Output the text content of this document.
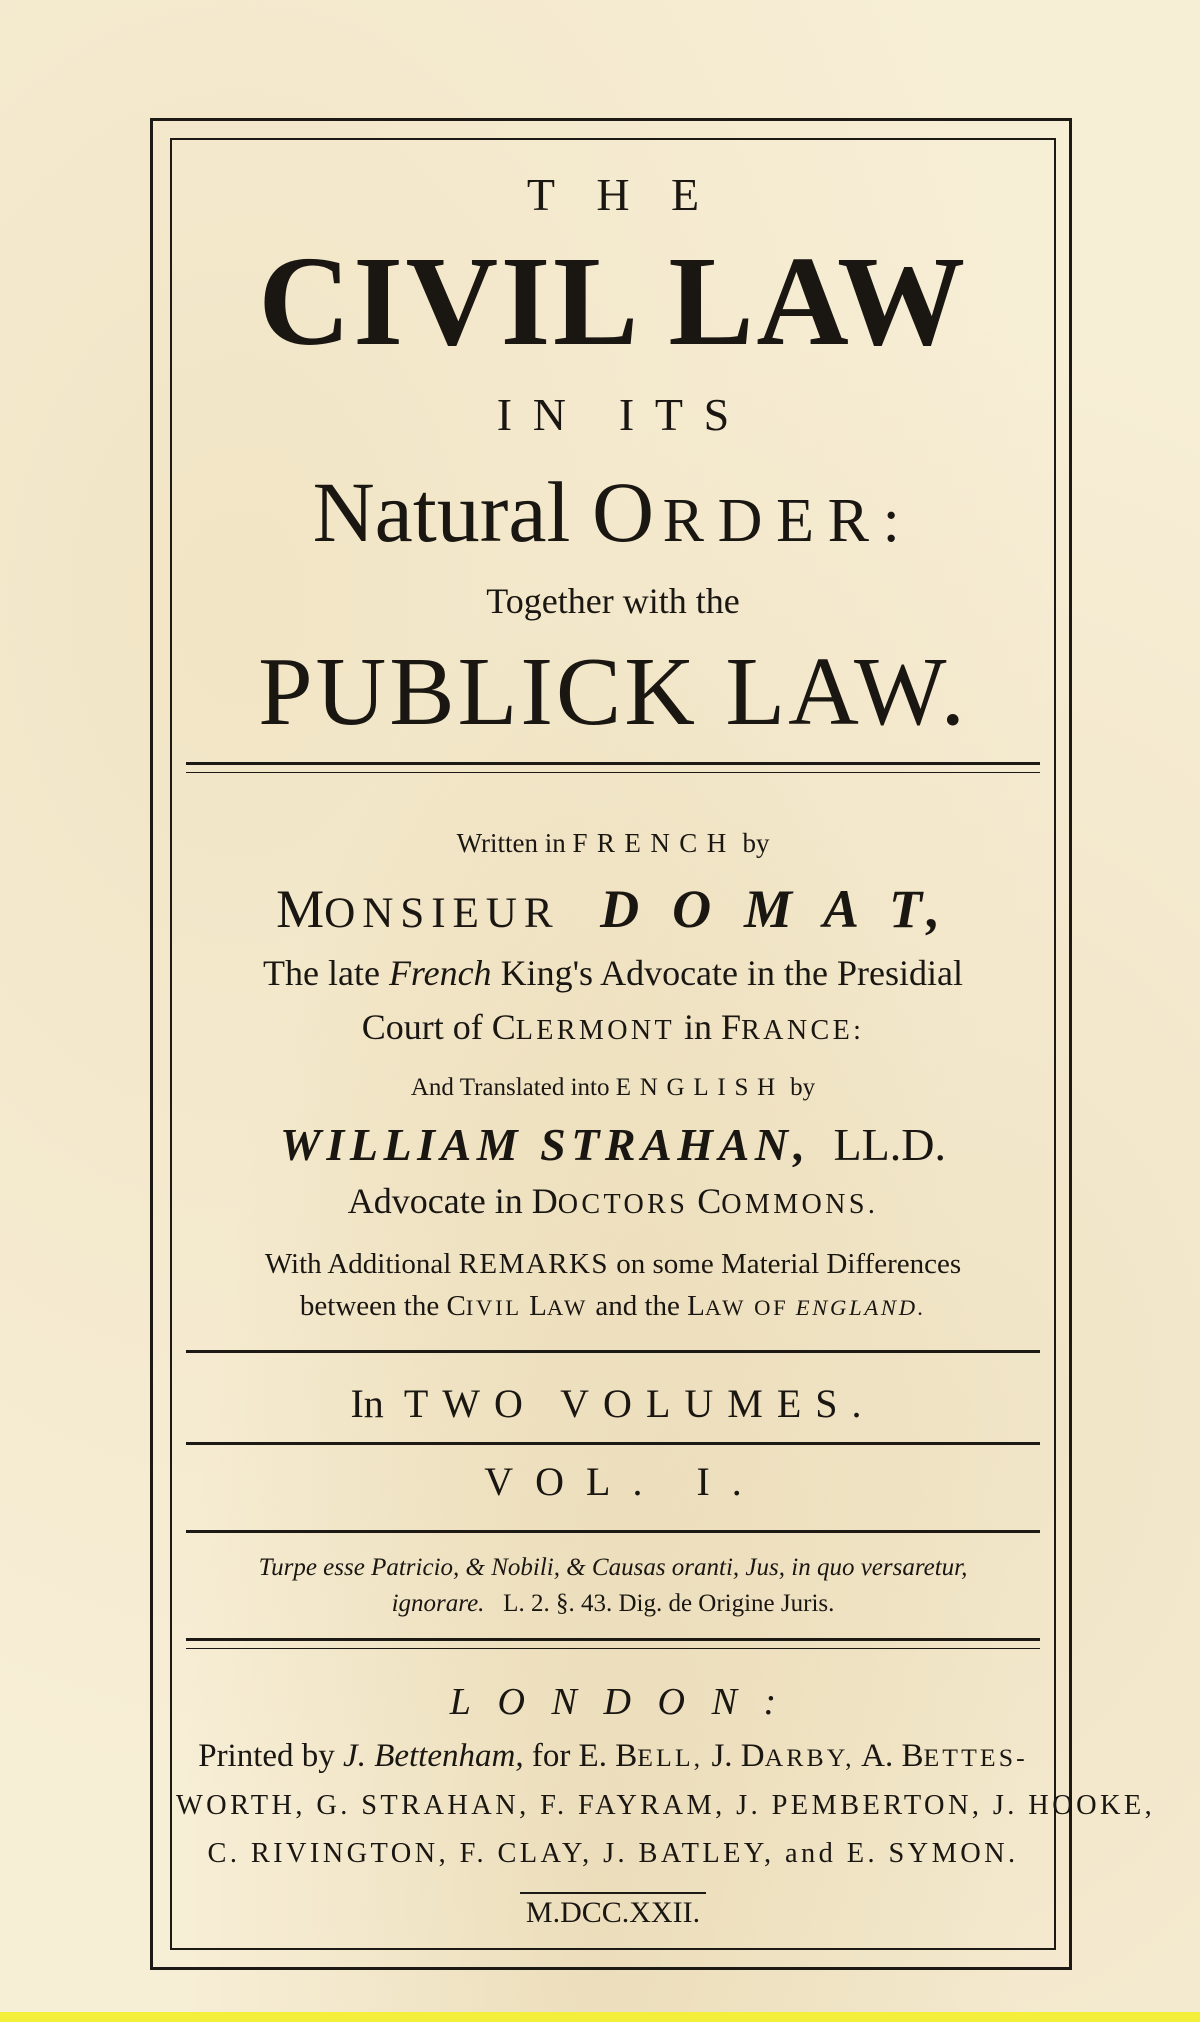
THE
CIVIL LAW
IN ITS
Natural ORDER:
Together with the
PUBLICK LAW.
Written in FRENCH by
MONSIEUR D O M A T,
The late French King's Advocate in the Presidial
Court of CLERMONT in FRANCE:
And Translated into ENGLISH by
WILLIAM STRAHAN, LL.D.
Advocate in DOCTORS COMMONS.
With Additional REMARKS on some Material Differences
between the CIVIL LAW and the LAW OF ENGLAND.
In TWO VOLUMES.
VOL. I.
Turpe esse Patricio, & Nobili, & Causas oranti, Jus, in quo versaretur,
ignorare. L. 2. §. 43. Dig. de Origine Juris.
LONDON:
Printed by J. Bettenham, for E. BELL, J. DARBY, A. BETTES-
WORTH, G. STRAHAN, F. FAYRAM, J. PEMBERTON, J. HOOKE,
C. RIVINGTON, F. CLAY, J. BATLEY, and E. SYMON.
M.DCC.XXII.
